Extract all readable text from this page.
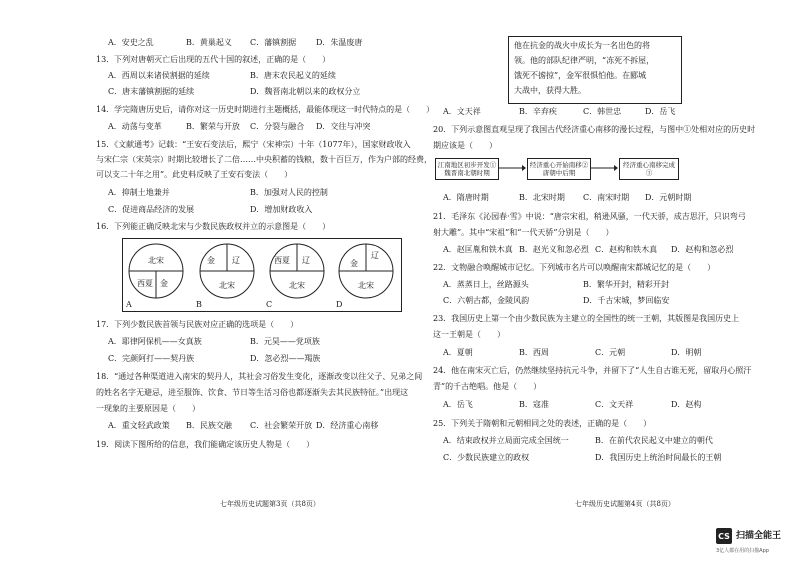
A．安史之乱	B．黄巢起义 C．藩镇割据 D．朱温废唐
13．下列对唐朝灭亡后出现的五代十国的叙述，正确的是（　　）
A．西周以来诸侯割据的延续	B．唐末农民起义的延续
C．唐末藩镇割据的延续	D．魏晋南北朝以来的政权分立
14．学完隋唐历史后，请你对这一历史时期进行主题概括，最能体现这一时代特点的是（　　）
A．动荡与变革	B．繁荣与开放 C．分裂与融合 D．交往与冲突
15．《文献通考》记载：“王安石变法后，熙宁（宋神宗）十年（1077年），国家财政收入
与宋仁宗（宋英宗）时期比较增长了二倍……中央积蓄的钱粮，数十百巨万，作为户部的经费，
可以支二十年之用”。此史料反映了王安石变法（　　）
A．抑制土地兼并	B．加强对人民的控制
C．促进商品经济的发展	D．增加财政收入
16．下列能正确反映北宋与少数民族政权并立的示意图是（　　）
北宋
西夏 金
A
金 辽
北宋
B
西夏 辽
北宋
C
辽
金
北宋
D
17．下列少数民族首领与民族对应正确的选项是（　　）
A．耶律阿保机——女真族	B．元昊——党项族
C．完颜阿打——契丹族	D．忽必烈——羯族
18．“通过各种渠道进入南宋的契丹人，其社会习俗发生变化，逐渐改变以往父子、兄弟之间
的姓名名字无避忌，进至服饰、饮食、节日等生活习俗也都逐渐失去其民族特征。”出现这
一现象的主要原因是（　　）
A．重文轻武政策 B．民族交融 C．社会繁荣开放 D．经济重心南移
19．阅读下图所给的信息，我们能确定该历史人物是（　　）
七年级历史试题第3页（共8页）
他在抗金的战火中成长为一名出色的将
领。他的部队纪律严明，“冻死不拆屋，
饿死不掳掠”，金军很惧怕他。在郾城
大战中，获得大胜。
A．文天祥	B．辛弃疾	C．韩世忠	D．岳飞
20．下列示意图直观呈现了我国古代经济重心南移的漫长过程，与图中①处相对应的历史时
期应该是（　　）
江南地区初步开发①魏晋南北朝时期
经济重心开始南移②唐朝中后期
经济重心南移完成③
A．隋唐时期	B．北宋时期 C．南宋时期 D．元朝时期
21．毛泽东《沁园春·雪》中说：“唐宗宋祖，稍逊风骚，一代天骄，成吉思汗，只识弯弓
射大雕”。其中“宋祖”和“一代天骄”分别是（　　）
A．赵匡胤和铁木真 B．赵光义和忽必烈 C．赵构和铁木真 D．赵构和忽必烈
22．文物融合唤醒城市记忆。下列城市名片可以唤醒南宋都城记忆的是（　　）
A．蒸蒸日上，丝路源头	B．繁华开封，精彩开封
C．六朝古都，金陵风韵	D．千古宋城，梦回临安
23．我国历史上第一个由少数民族为主建立的全国性的统一王朝，其版图是我国历史上
这一王朝是（　　）
A．夏朝	B．西周	C．元朝	D．明朝
24．他在南宋灭亡后，仍然继续坚持抗元斗争，并留下了“人生自古谁无死，留取丹心照汗
青”的千古绝唱。他是（　　）
A．岳飞	B．寇准	C．文天祥	D．赵构
25．下列关于隋朝和元朝相同之处的表述，正确的是（　　）
A．结束政权并立局面完成全国统一	B．在前代农民起义中建立的朝代
C．少数民族建立的政权	D．我国历史上统治时间最长的王朝
七年级历史试题第4页（共8页）
CS 扫描全能王
3亿人都在用的扫描App
